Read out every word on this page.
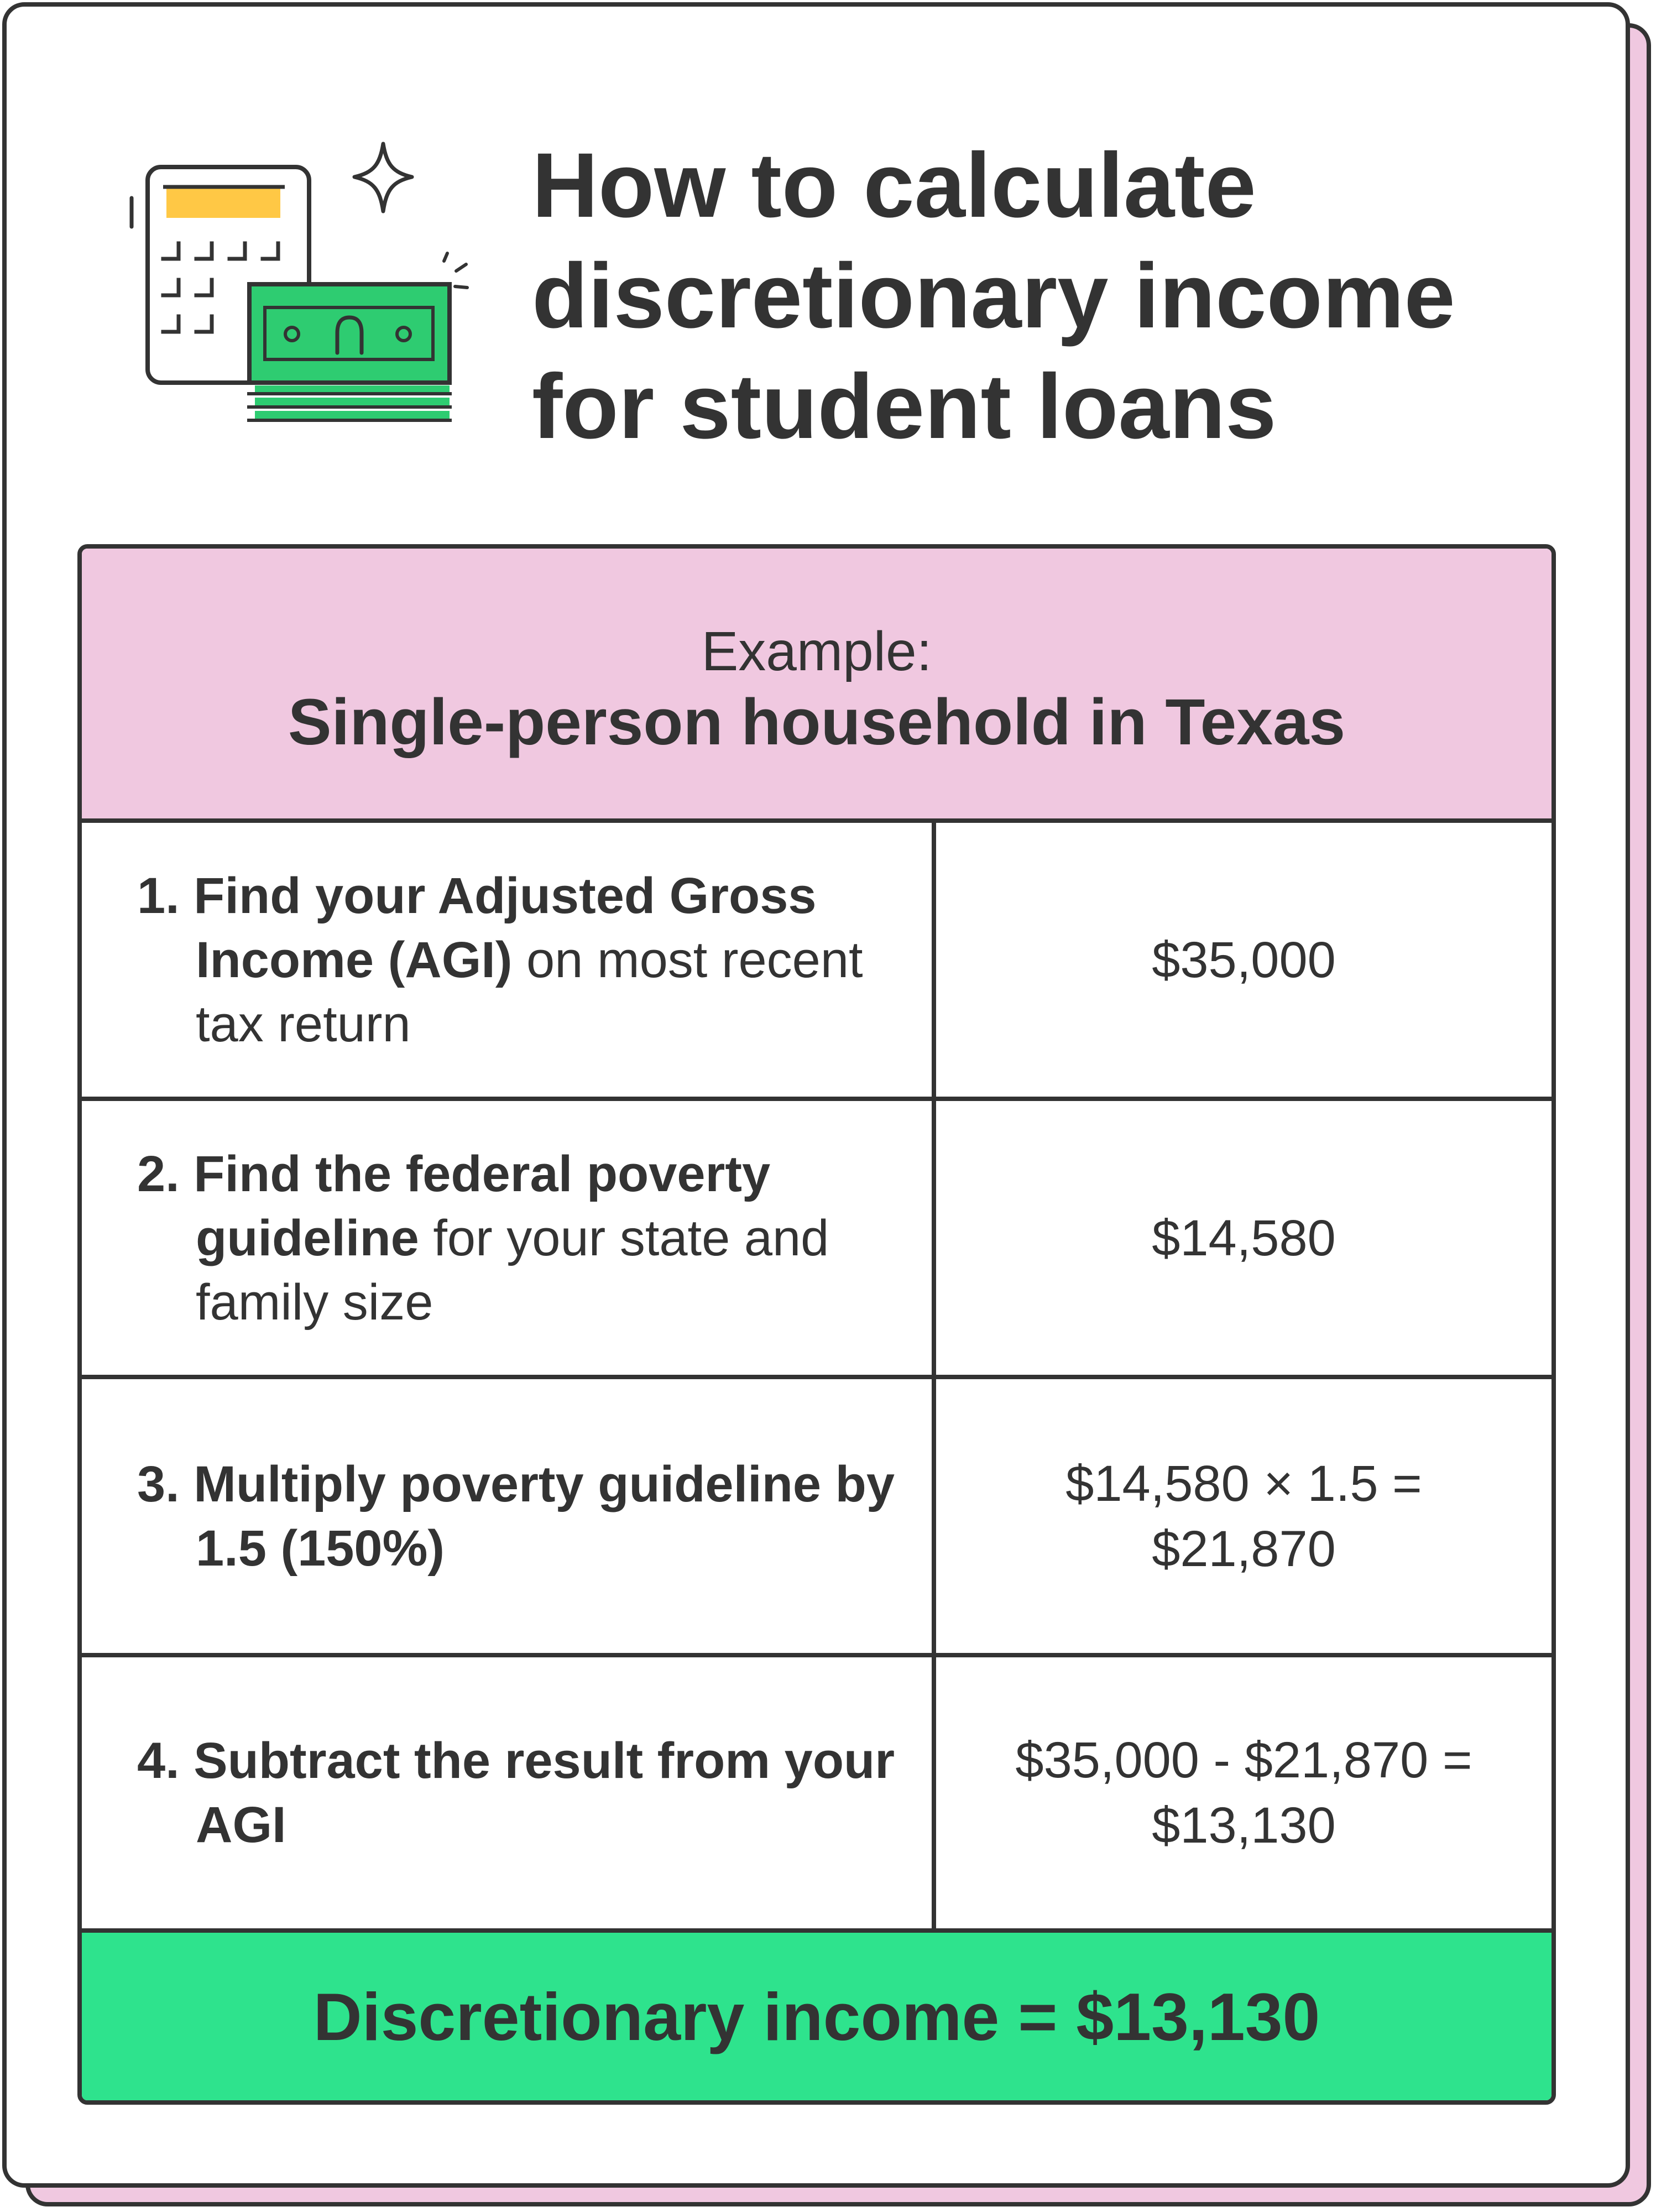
How to calculate
discretionary income
for student loans
Example:
Single-person household in Texas
1. Find your Adjusted Gross Income (AGI) on most recent tax return
$35,000
2. Find the federal poverty guideline for your state and family size
$14,580
3. Multiply poverty guideline by 1.5 (150%)
$14,580 × 1.5 =
$21,870
4. Subtract the result from your AGI
$35,000 - $21,870 =
$13,130
Discretionary income = $13,130
